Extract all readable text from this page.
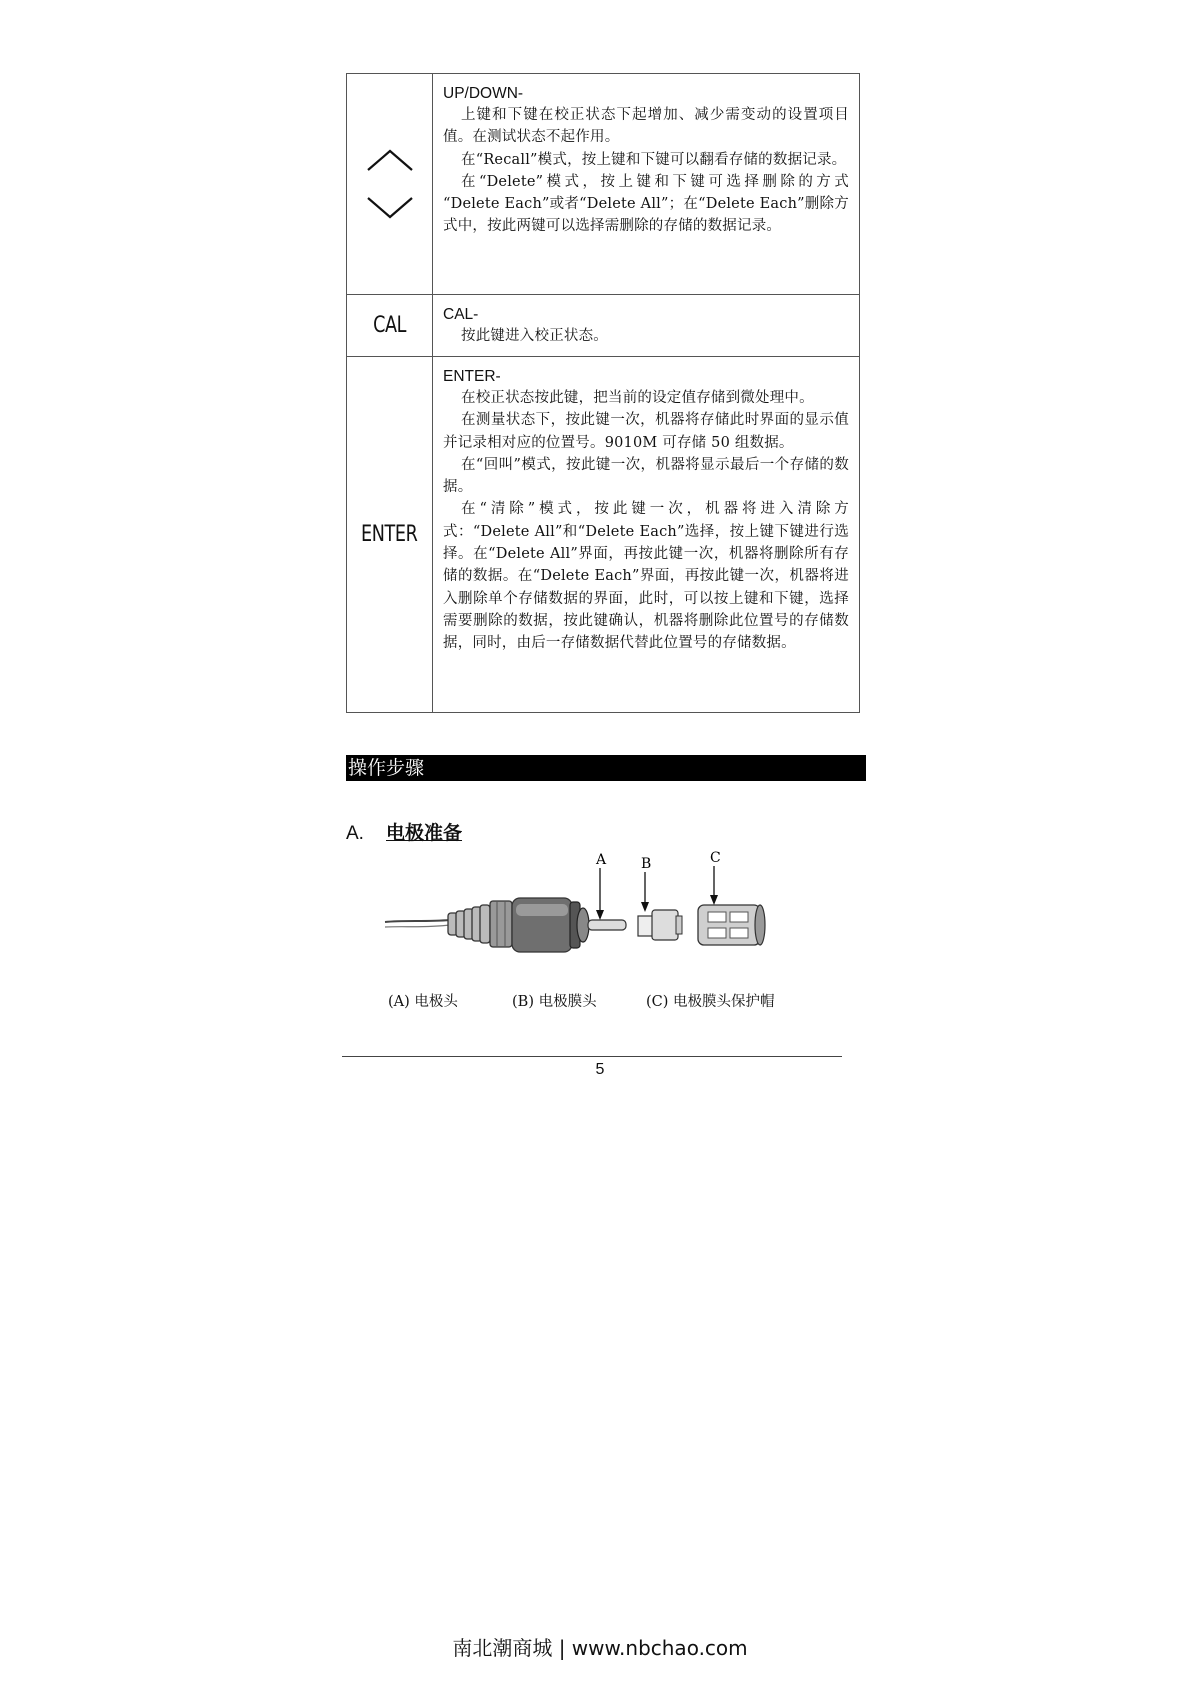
UP/DOWN-

上键和下键在校正状态下起增加、减少需变动的设置项目值。在测试状态不起作用。

在“Recall”模式，按上键和下键可以翻看存储的数据记录。

在“Delete”模式，按上键和下键可选择删除的方式 “Delete Each”或者“Delete All”；在“Delete Each”删除方式中，按此两键可以选择需删除的存储的数据记录。

CAL	CAL-

按此键进入校正状态。

ENTER	ENTER-

在校正状态按此键，把当前的设定值存储到微处理中。

在测量状态下，按此键一次，机器将存储此时界面的显示值并记录相对应的位置号。9010M 可存储 50 组数据。

在“回叫”模式，按此键一次，机器将显示最后一个存储的数据。

在“清除”模式，按此键一次，机器将进入清除方式：“Delete All”和“Delete Each”选择，按上键下键进行选择。在“Delete All”界面，再按此键一次，机器将删除所有存储的数据。在“Delete Each”界面，再按此键一次，机器将进入删除单个存储数据的界面，此时，可以按上键和下键，选择需要删除的数据，按此键确认，机器将删除此位置号的存储数据，同时，由后一存储数据代替此位置号的存储数据。

操作步骤
A. 电极准备
A B	C
(A) 电极头	(B) 电极膜头	(C) 电极膜头保护帽
5
南北潮商城 | www.nbchao.com
